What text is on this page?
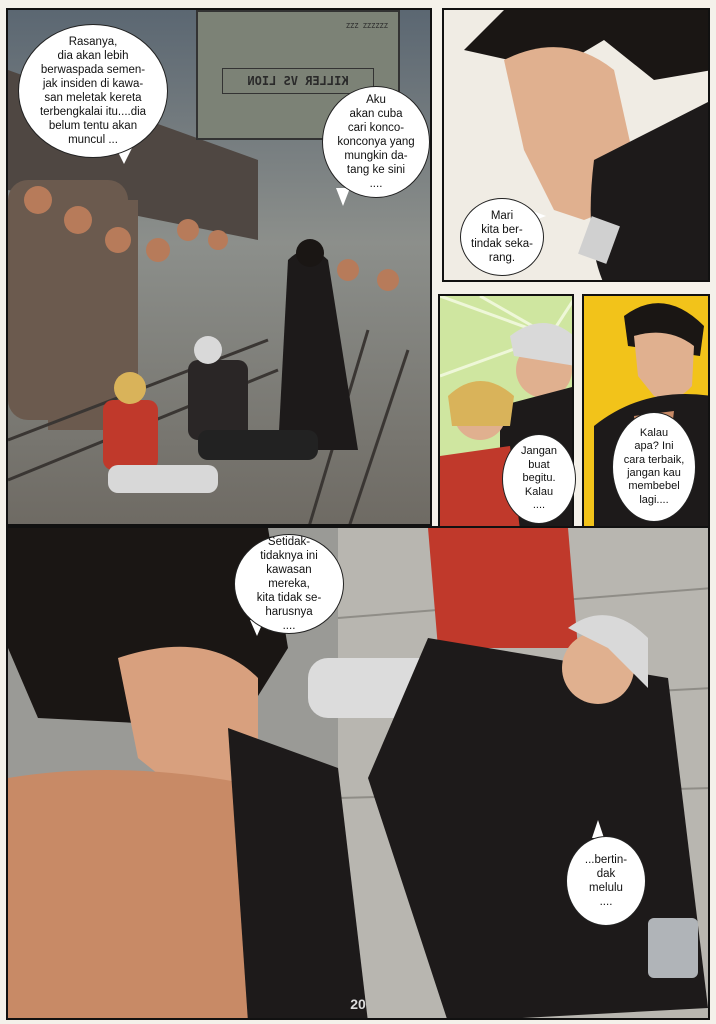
ZZZ ZZZZZZ
KILLER VS LION
Rasanya,
dia akan lebih
berwaspada semen-
jak insiden di kawa-
san meletak kereta
terbengkalai itu....dia
belum tentu akan
muncul ...
Aku
akan cuba
cari konco-
konconya yang
mungkin da-
tang ke sini
....
Mari
kita ber-
tindak seka-
rang.
Jangan
buat begitu.
Kalau
....
Kalau
apa? Ini
cara terbaik,
jangan kau
membebel
lagi....
Setidak-
tidaknya ini
kawasan mereka,
kita tidak se-
harusnya
....
...bertin-
dak
melulu
....
20
